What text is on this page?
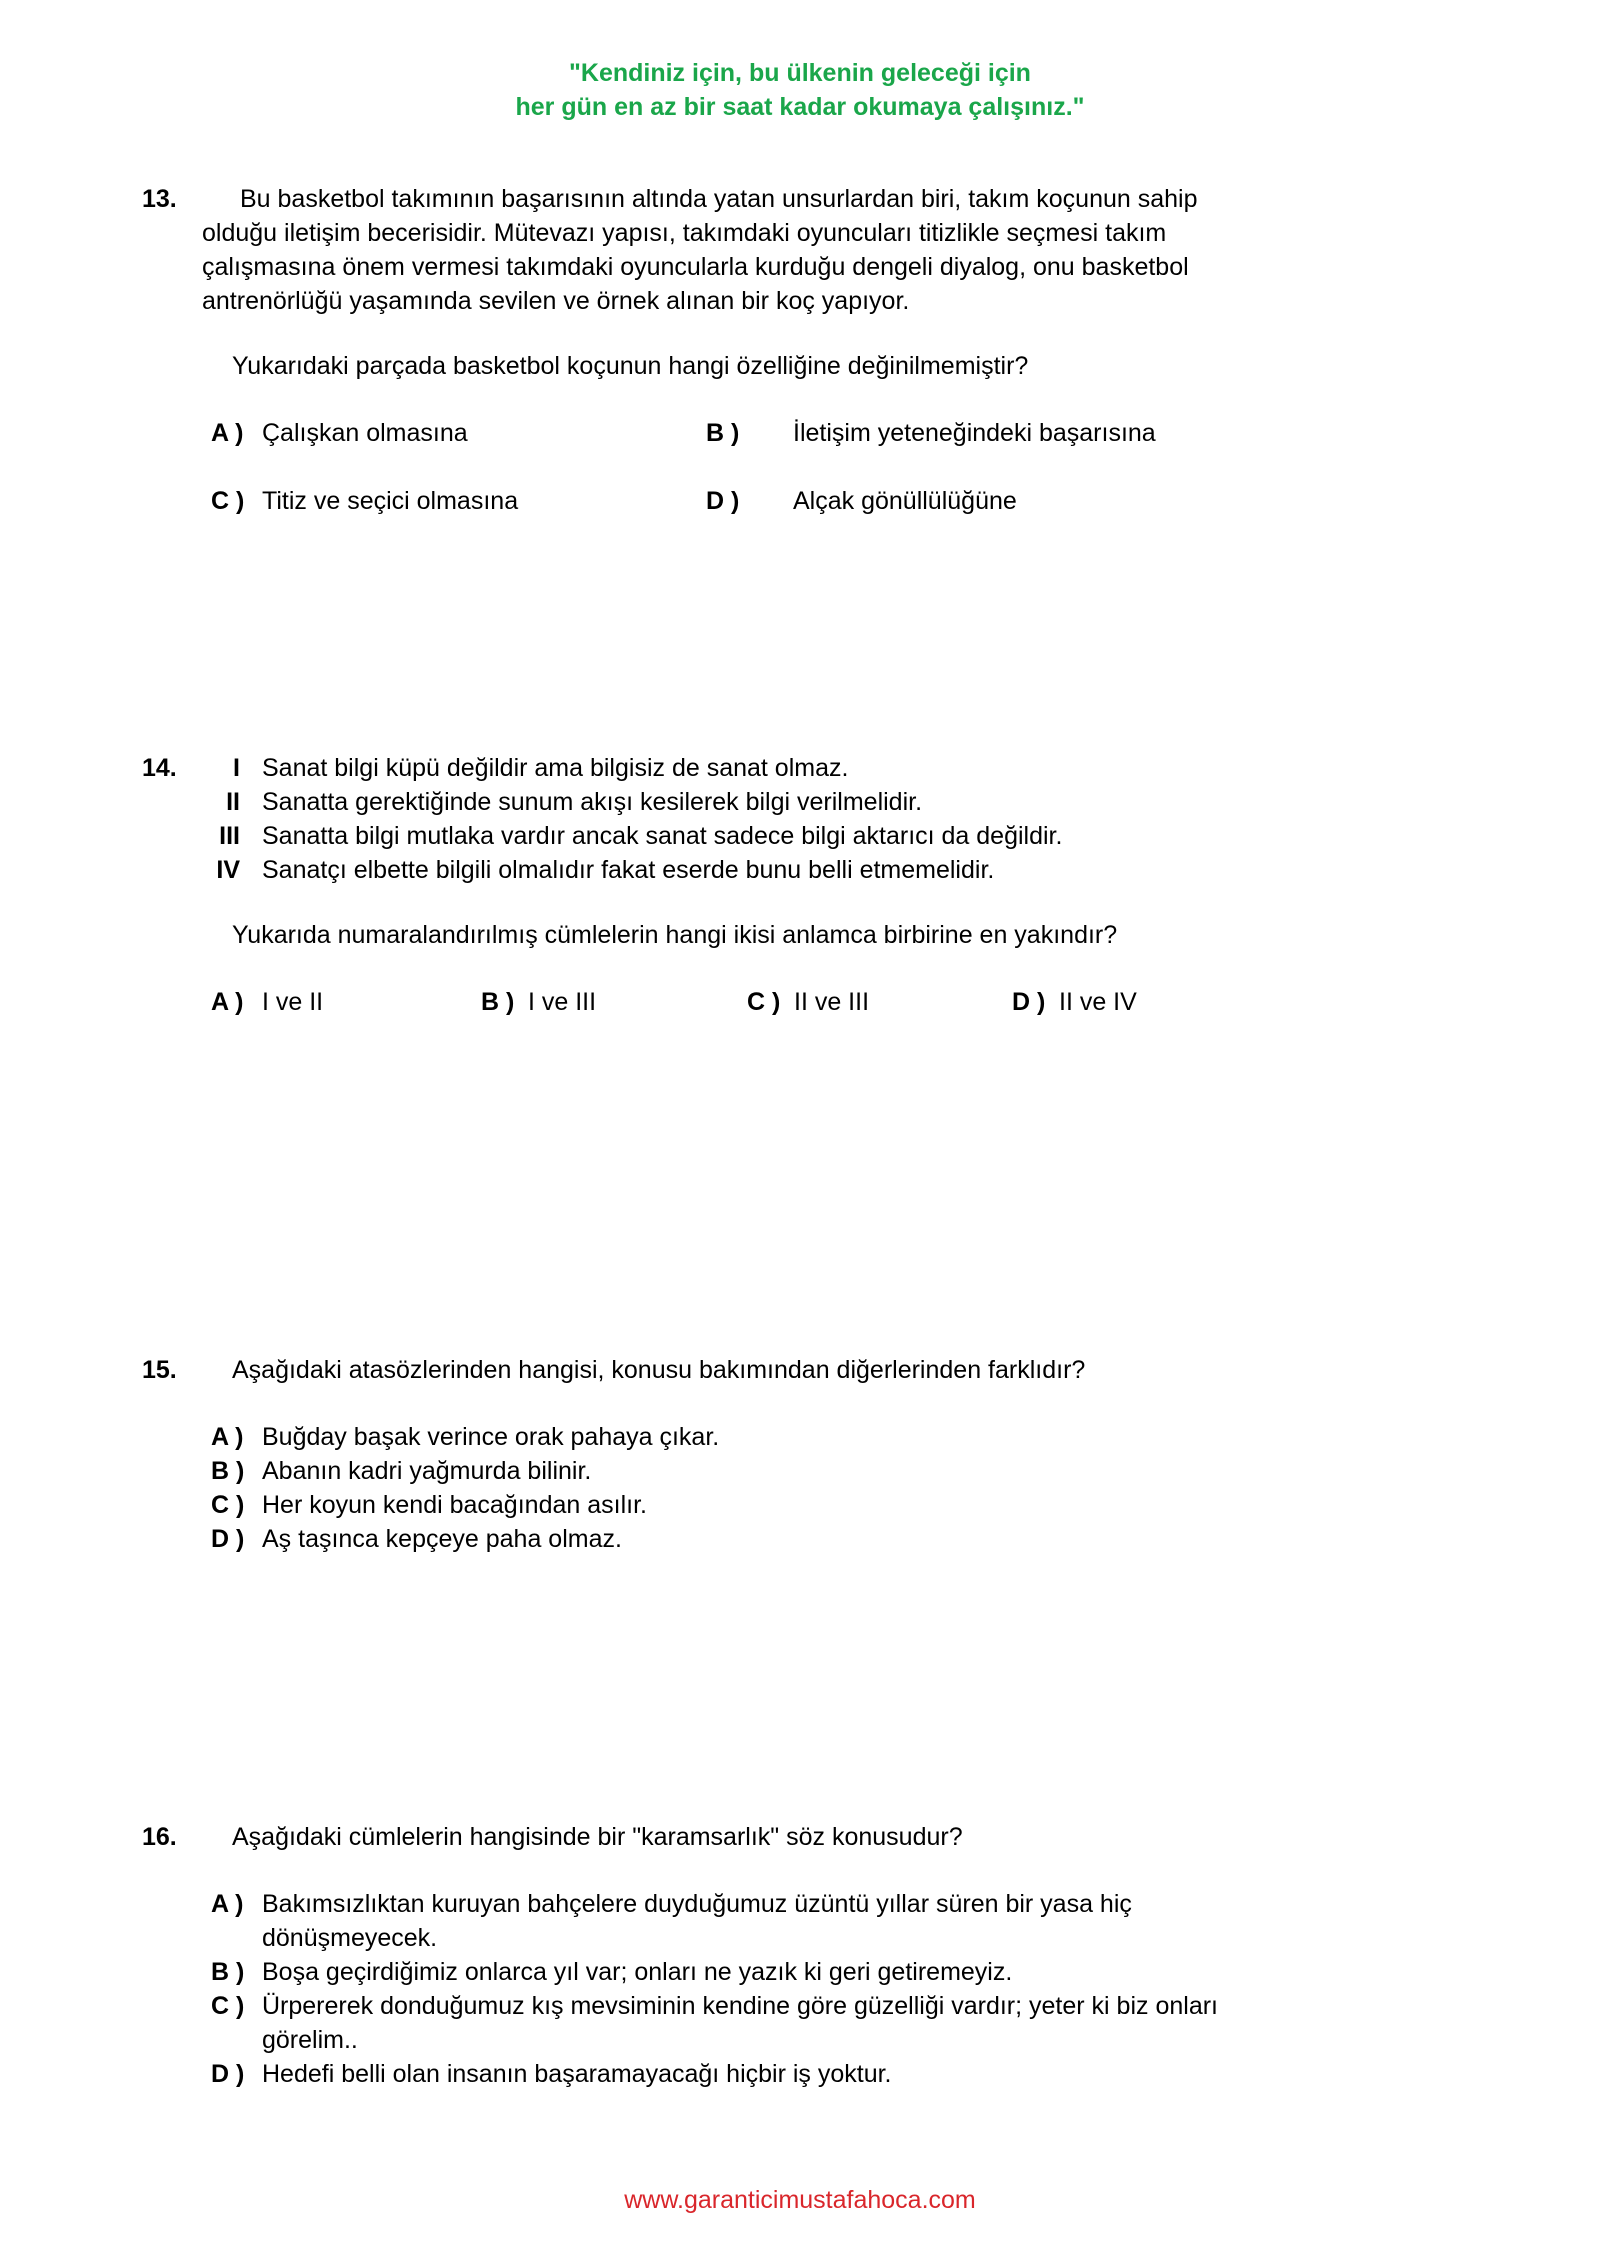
"Kendiniz için, bu ülkenin geleceği için
her gün en az bir saat kadar okumaya çalışınız."
13.	Bu basketbol takımının başarısının altında yatan unsurlardan biri, takım koçunun sahip
olduğu iletişim becerisidir. Mütevazı yapısı, takımdaki oyuncuları titizlikle seçmesi takım
çalışmasına önem vermesi takımdaki oyuncularla kurduğu dengeli diyalog, onu basketbol
antrenörlüğü yaşamında sevilen ve örnek alınan bir koç yapıyor.
Yukarıdaki parçada basketbol koçunun hangi özelliğine değinilmemiştir?
A ) Çalışkan olmasına	B ) İletişim yeteneğindeki başarısına
C ) Titiz ve seçici olmasına	D ) Alçak gönüllülüğüne
14.	I Sanat bilgi küpü değildir ama bilgisiz de sanat olmaz.
II Sanatta gerektiğinde sunum akışı kesilerek bilgi verilmelidir.
III Sanatta bilgi mutlaka vardır ancak sanat sadece bilgi aktarıcı da değildir.
IV Sanatçı elbette bilgili olmalıdır fakat eserde bunu belli etmemelidir.
Yukarıda numaralandırılmış cümlelerin hangi ikisi anlamca birbirine en yakındır?
A ) I ve II	B ) I ve III	C ) II ve III	D ) II ve IV
15. Aşağıdaki atasözlerinden hangisi, konusu bakımından diğerlerinden farklıdır?
A ) Buğday başak verince orak pahaya çıkar.
B ) Abanın kadri yağmurda bilinir.
C ) Her koyun kendi bacağından asılır.
D ) Aş taşınca kepçeye paha olmaz.
16. Aşağıdaki cümlelerin hangisinde bir "karamsarlık" söz konusudur?
A ) Bakımsızlıktan kuruyan bahçelere duyduğumuz üzüntü yıllar süren bir yasa hiç
dönüşmeyecek.
B ) Boşa geçirdiğimiz onlarca yıl var; onları ne yazık ki geri getiremeyiz.
C ) Ürpererek donduğumuz kış mevsiminin kendine göre güzelliği vardır; yeter ki biz onları
görelim..
D ) Hedefi belli olan insanın başaramayacağı hiçbir iş yoktur.
www.garanticimustafahoca.com
